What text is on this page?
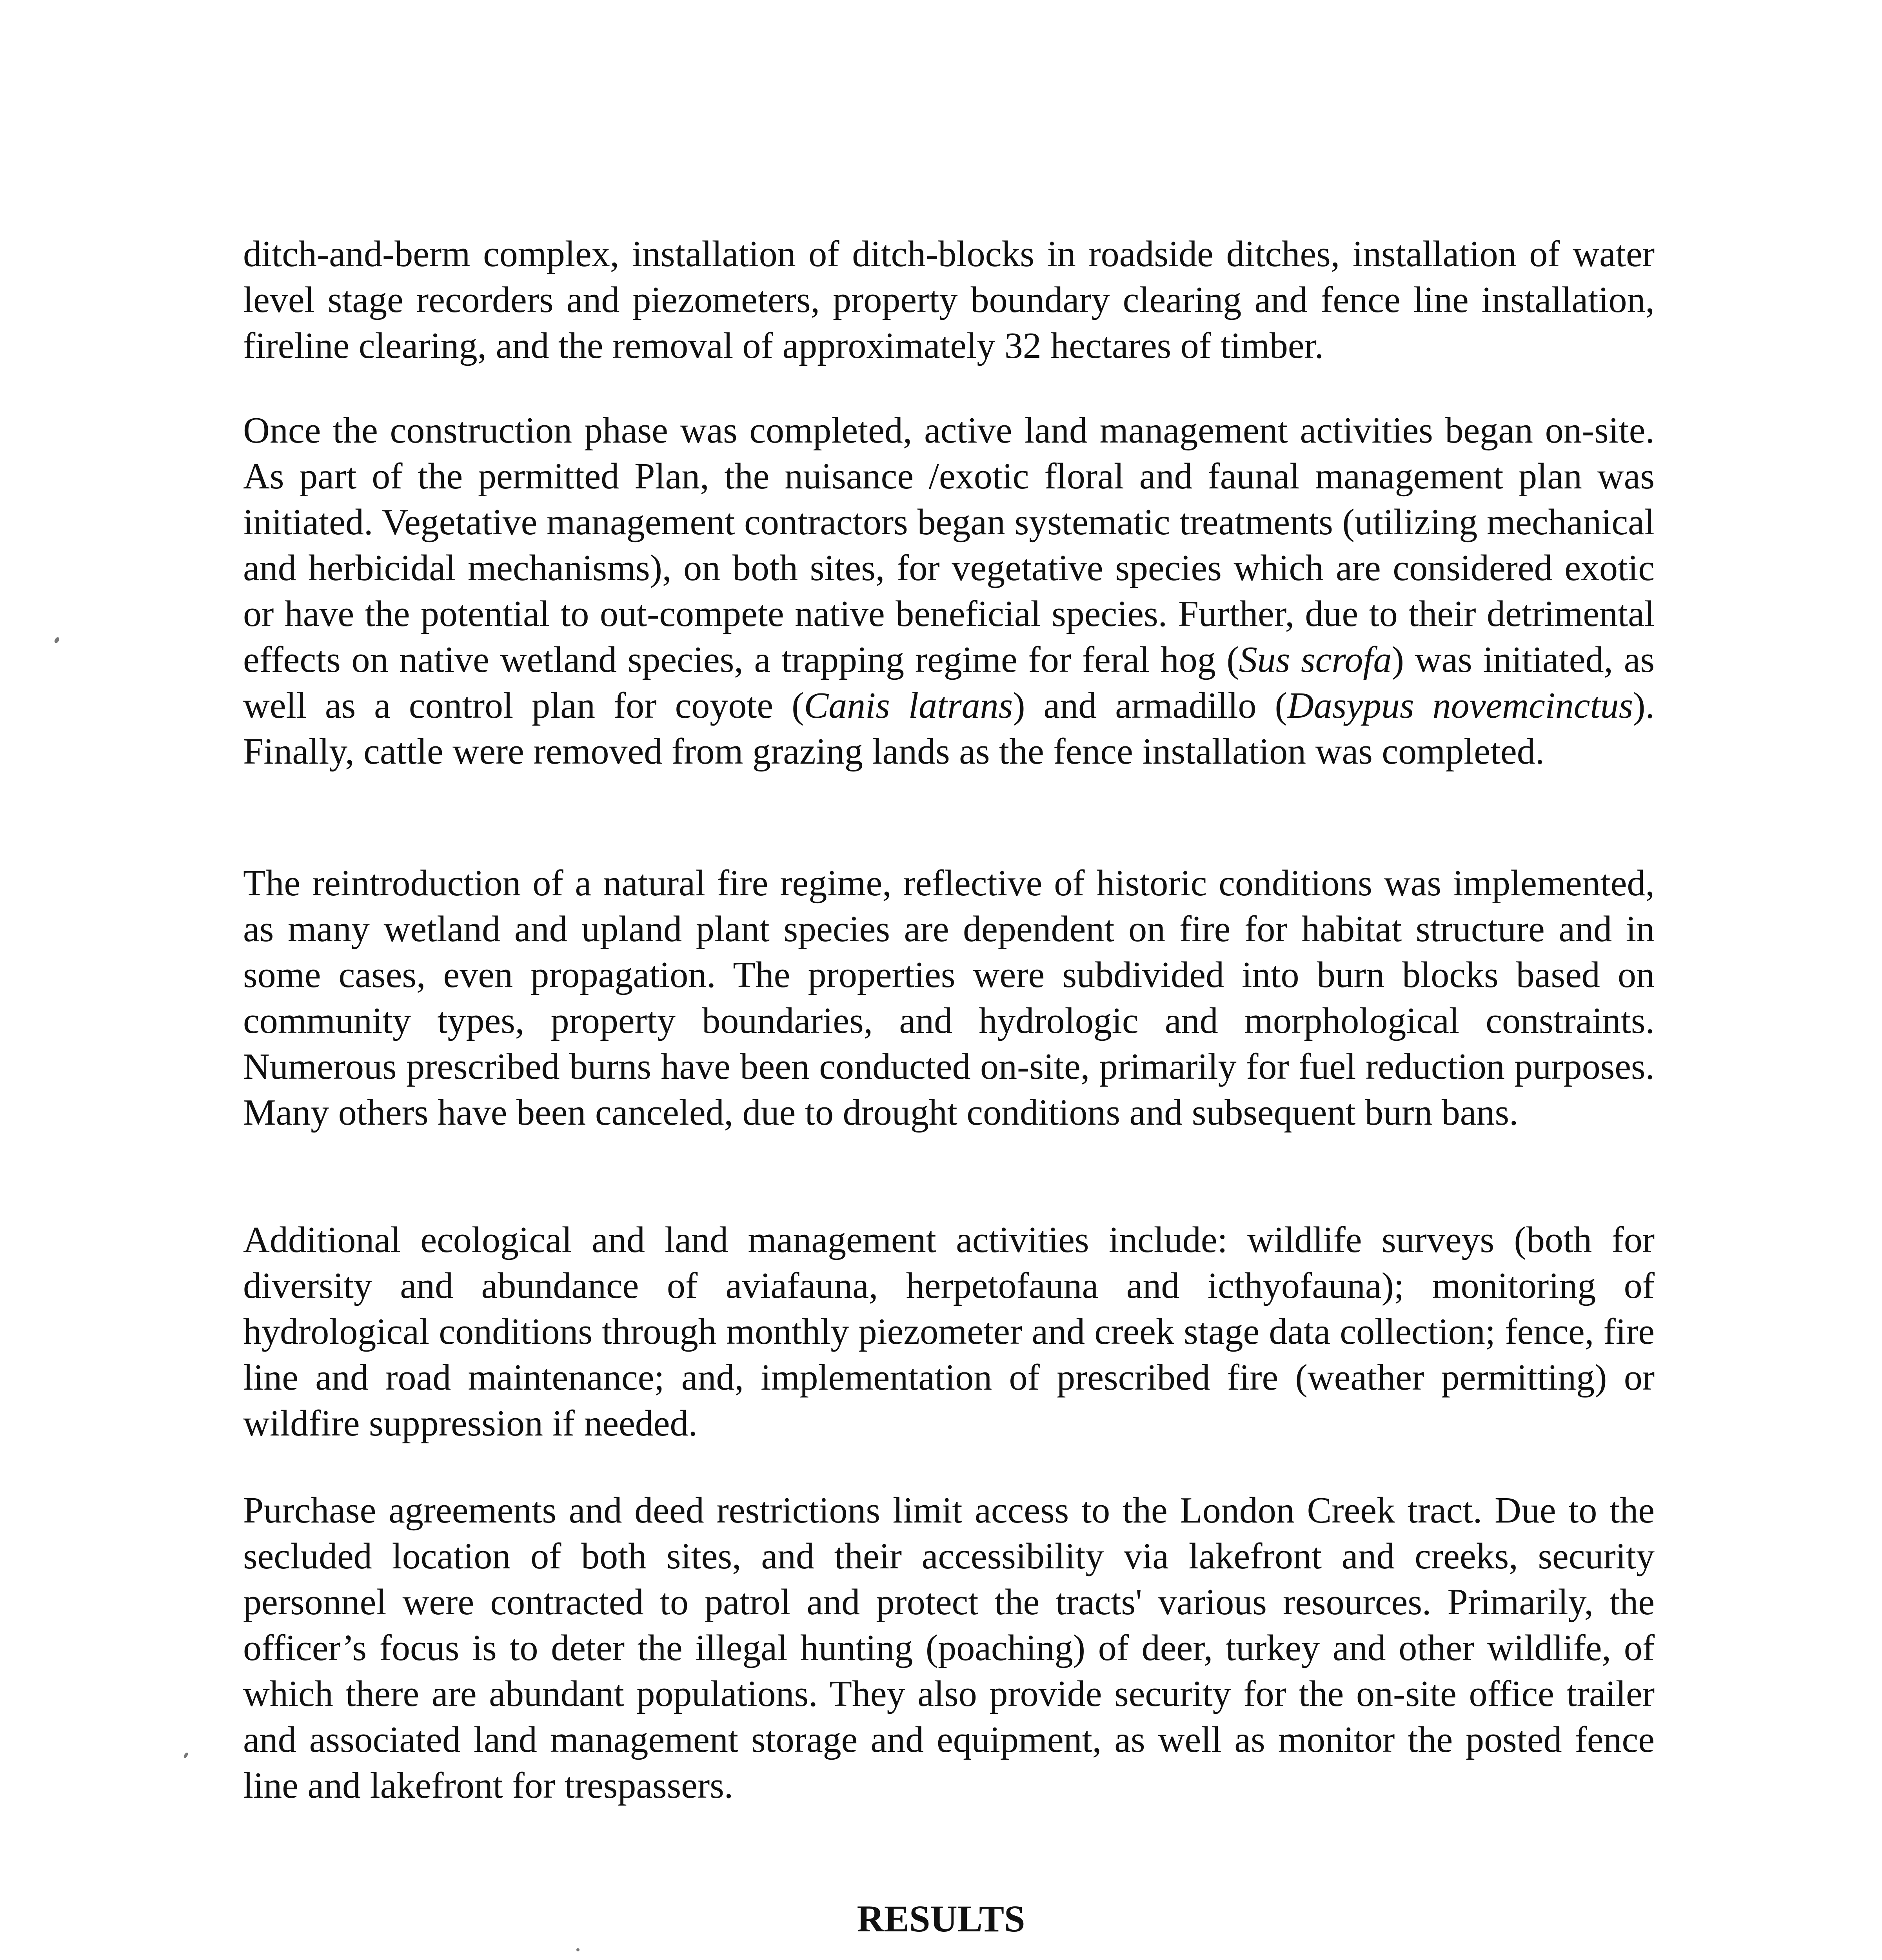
ditch-and-berm complex, installation of ditch-blocks in roadside ditches, installation of water level stage recorders and piezometers, property boundary clearing and fence line installation, fireline clearing, and the removal of approximately 32 hectares of timber.

Once the construction phase was completed, active land management activities began on-site. As part of the permitted Plan, the nuisance /exotic floral and faunal management plan was initiated. Vegetative management contractors began systematic treatments (utilizing mechanical and herbicidal mechanisms), on both sites, for vegetative species which are considered exotic or have the potential to out-compete native beneficial species. Further, due to their detrimental effects on native wetland species, a trapping regime for feral hog (Sus scrofa) was initiated, as well as a control plan for coyote (Canis latrans) and armadillo (Dasypus novemcinctus). Finally, cattle were removed from grazing lands as the fence installation was completed.

The reintroduction of a natural fire regime, reflective of historic conditions was implemented, as many wetland and upland plant species are dependent on fire for habitat structure and in some cases, even propagation. The properties were subdivided into burn blocks based on community types, property boundaries, and hydrologic and morphological constraints. Numerous prescribed burns have been conducted on-site, primarily for fuel reduction purposes. Many others have been canceled, due to drought conditions and subsequent burn bans.

Additional ecological and land management activities include: wildlife surveys (both for diversity and abundance of aviafauna, herpetofauna and icthyofauna); monitoring of hydrological conditions through monthly piezometer and creek stage data collection; fence, fire line and road maintenance; and, implementation of prescribed fire (weather permitting) or wildfire suppression if needed.

Purchase agreements and deed restrictions limit access to the London Creek tract. Due to the secluded location of both sites, and their accessibility via lakefront and creeks, security personnel were contracted to patrol and protect the tracts' various resources. Primarily, the officer’s focus is to deter the illegal hunting (poaching) of deer, turkey and other wildlife, of which there are abundant populations. They also provide security for the on-site office trailer and associated land management storage and equipment, as well as monitor the posted fence line and lakefront for trespassers.

RESULTS
